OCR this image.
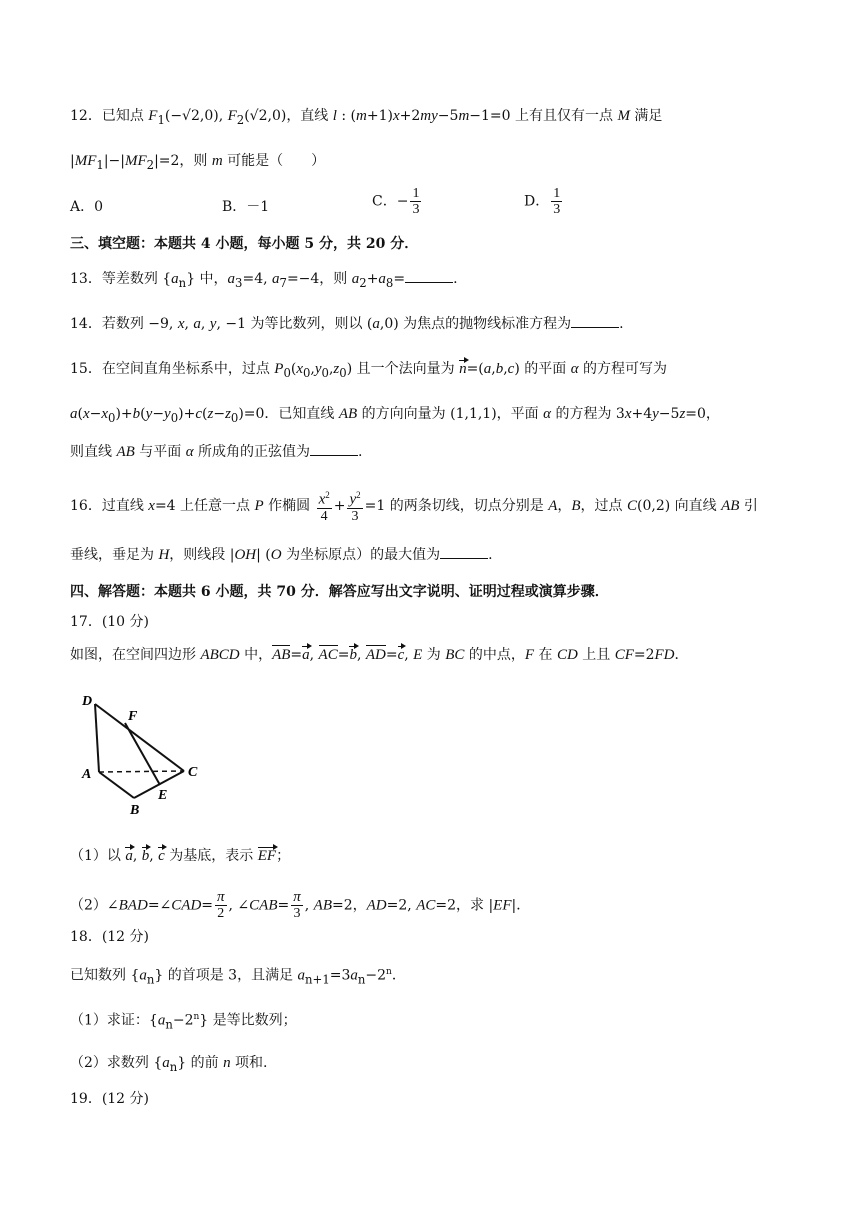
12．已知点 $F_1(-√2,0)$, $F_2(√2,0)$，直线 l : (m+1)x+2my−5m−1=0 上有且仅有一点 M 满足
$|MF_1|-|MF_2|=2$，则 m 可能是（　　）
A．0	B．－1	C．− $\frac{1}{3}$	D． $\frac{1}{3}$
三、填空题：本题共 4 小题，每小题 5 分，共 20 分．
13．等差数列 $\{a_n\}$ 中，$a_3=4$, $a_7=-4$，则 $a_2+a_8=$	.
14．若数列 −9, x, a, y, −1 为等比数列，则以 (a,0) 为焦点的抛物线标准方程为	.
15．在空间直角坐标系中，过点 $P_0(x_0,y_0,z_0)$ 且一个法向量为 n=(a,b,c) 的平面 α 的方程可写为
$a(x-x_0)+b(y-y_0)+c(z-z_0)=0$．已知直线 AB 的方向向量为 (1,1,1)，平面 α 的方程为 3x+4y−5z=0，
则直线 AB 与平面 α 所成角的正弦值为	.
16．过直线 x=4 上任意一点 P 作椭圆 $\frac{x^2}{4} + \frac{y^2}{3} =1$ 的两条切线，切点分别是 A，B，过点 C(0,2) 向直线 AB 引
垂线，垂足为 H，则线段 |OH| (O 为坐标原点）的最大值为	.
四、解答题：本题共 6 小题，共 70 分．解答应写出文字说明、证明过程或演算步骤．
17．(10 分)
如图，在空间四边形 ABCD 中，AB=a, AC=b, AD=c, E 为 BC 的中点，F 在 CD 上且 CF=2FD．
D
F
A	C
E
B
（1）以 a, b, c 为基底，表示 EF；
（2）∠BAD=∠CAD= $\frac{\pi}{2}$ , ∠CAB= $\frac{\pi}{3}$ , AB=2，AD=2, AC=2，求 |EF|．
18．(12 分)
已知数列 $\{a_n\}$ 的首项是 3，且满足 $a_{n+1}=3a_n-2^n$．
（1）求证：$\{a_n-2^n\}$ 是等比数列；
（2）求数列 $\{a_n\}$ 的前 n 项和.
19．(12 分)
